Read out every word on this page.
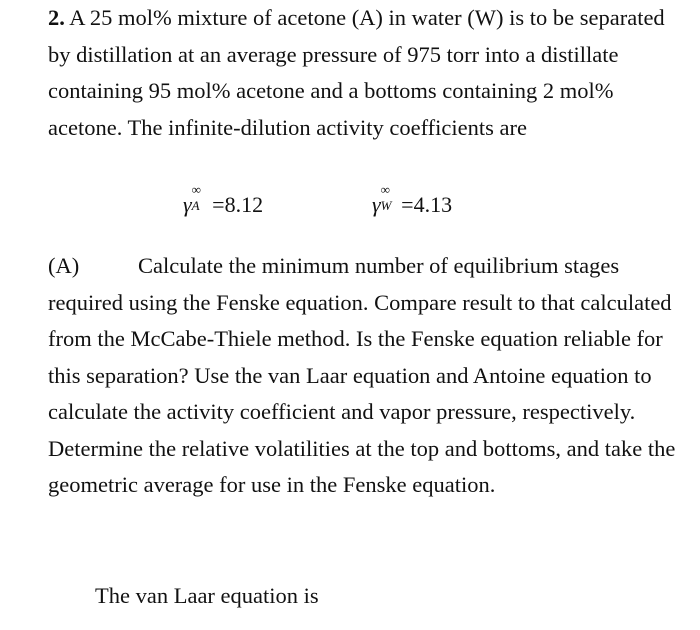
2. A 25 mol% mixture of acetone (A) in water (W) is to be separated by distillation at an average pressure of 975 torr into a distillate containing 95 mol% acetone and a bottoms containing 2 mol% acetone. The infinite-dilution activity coefficients are

γ
∞
A =8.12	γ
∞
W =4.13

(A)	Calculate the minimum number of equilibrium stages required using the Fenske equation. Compare result to that calculated from the McCabe-Thiele method. Is the Fenske equation reliable for this separation? Use the van Laar equation and Antoine equation to calculate the activity coefficient and vapor pressure, respectively. Determine the relative volatilities at the top and bottoms, and take the geometric average for use in the Fenske equation.

The van Laar equation is
